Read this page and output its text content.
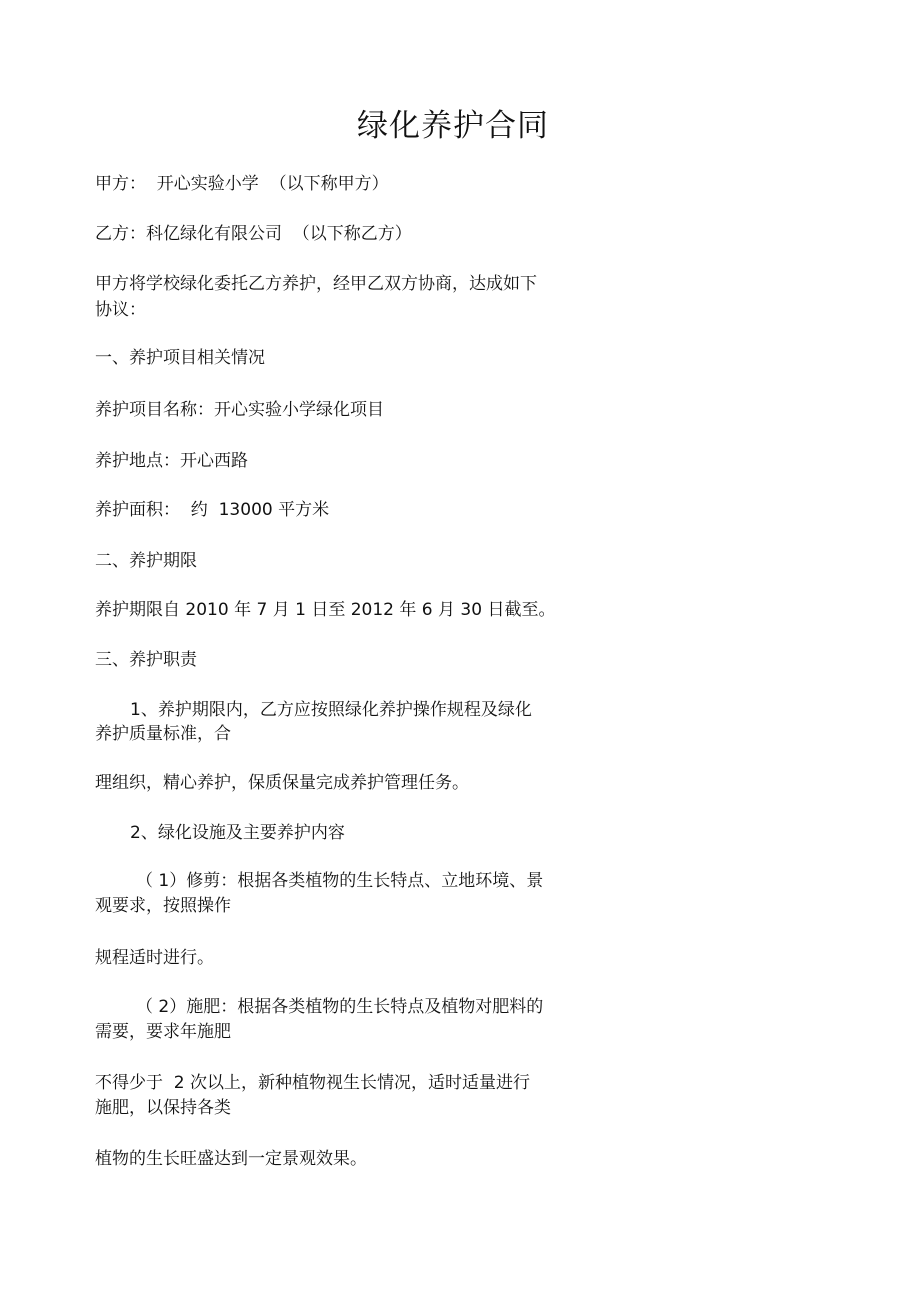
绿化养护合同
甲方：  开心实验小学  （以下称甲方）
乙方：科亿绿化有限公司  （以下称乙方）
甲方将学校绿化委托乙方养护，经甲乙双方协商，达成如下
协议：
一、养护项目相关情况
养护项目名称：开心实验小学绿化项目
养护地点：开心西路
养护面积：  约  13000 平方米
二、养护期限
养护期限自 2010 年 7 月 1 日至 2012 年 6 月 30 日截至。
三、养护职责
1、养护期限内，乙方应按照绿化养护操作规程及绿化
养护质量标准，合
理组织，精心养护，保质保量完成养护管理任务。
2、绿化设施及主要养护内容
（ 1）修剪：根据各类植物的生长特点、立地环境、景
观要求，按照操作
规程适时进行。
（ 2）施肥：根据各类植物的生长特点及植物对肥料的
需要，要求年施肥
不得少于  2 次以上，新种植物视生长情况，适时适量进行
施肥，以保持各类
植物的生长旺盛达到一定景观效果。
